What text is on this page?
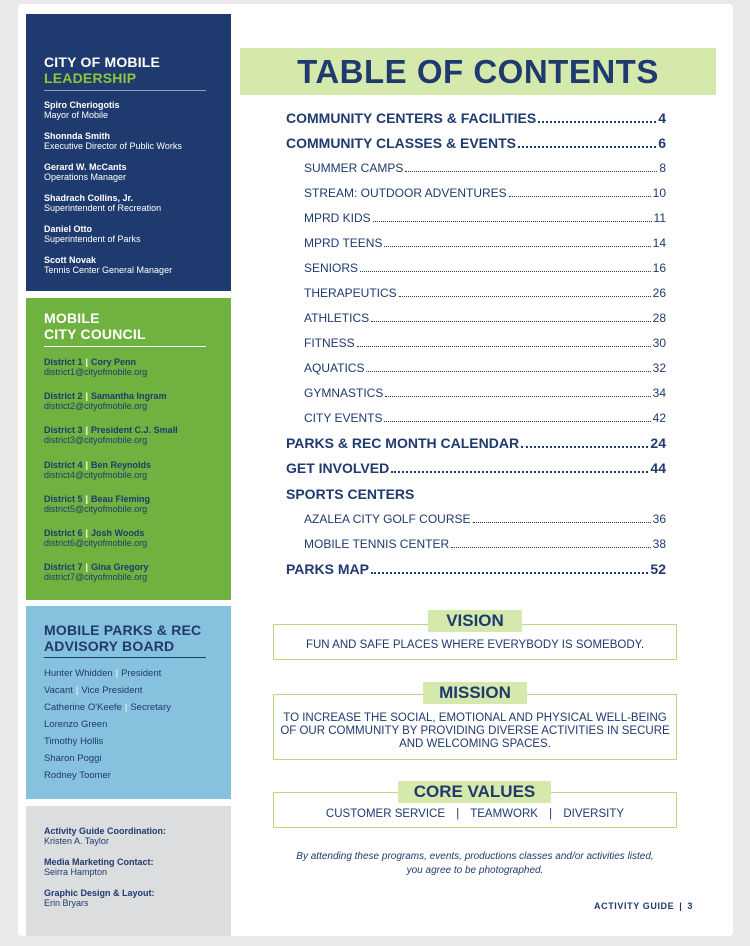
CITY OF MOBILE
LEADERSHIP
Spiro Cheriogotis
Mayor of Mobile
Shonnda Smith
Executive Director of Public Works
Gerard W. McCants
Operations Manager
Shadrach Collins, Jr.
Superintendent of Recreation
Daniel Otto
Superintendent of Parks
Scott Novak
Tennis Center General Manager
MOBILE
CITY COUNCIL
District 1 | Cory Penn
district1@cityofmobile.org
District 2 | Samantha Ingram
district2@cityofmobile.org
District 3 | President C.J. Small
district3@cityofmobile.org
District 4 | Ben Reynolds
district4@cityofmobile.org
District 5 | Beau Fleming
district5@cityofmobile.org
District 6 | Josh Woods
district6@cityofmobile.org
District 7 | Gina Gregory
district7@cityofmobile.org
MOBILE PARKS & REC
ADVISORY BOARD
Hunter Whidden | President
Vacant | Vice President
Catherine O'Keefe | Secretary
Lorenzo Green
Timothy Hollis
Sharon Poggi
Rodney Toomer
Activity Guide Coordination:
Kristen A. Taylor
Media Marketing Contact:
Seirra Hampton
Graphic Design & Layout:
Erin Bryars
TABLE OF CONTENTS
COMMUNITY CENTERS & FACILITIES	4
COMMUNITY CLASSES & EVENTS	6
SUMMER CAMPS	8
STREAM: OUTDOOR ADVENTURES	10
MPRD KIDS	11
MPRD TEENS	14
SENIORS	16
THERAPEUTICS	26
ATHLETICS	28
FITNESS	30
AQUATICS	32
GYMNASTICS	34
CITY EVENTS	42
PARKS & REC MONTH CALENDAR	24
GET INVOLVED	44
SPORTS CENTERS
AZALEA CITY GOLF COURSE	36
MOBILE TENNIS CENTER	38
PARKS MAP	52
FUN AND SAFE PLACES WHERE EVERYBODY IS SOMEBODY.
VISION
TO INCREASE THE SOCIAL, EMOTIONAL AND PHYSICAL WELL-BEING OF OUR COMMUNITY BY PROVIDING DIVERSE ACTIVITIES IN SECURE AND WELCOMING SPACES.
MISSION
CUSTOMER SERVICE | TEAMWORK | DIVERSITY
CORE VALUES
By attending these programs, events, productions classes and/or activities listed, you agree to be photographed.
ACTIVITY GUIDE | 3
